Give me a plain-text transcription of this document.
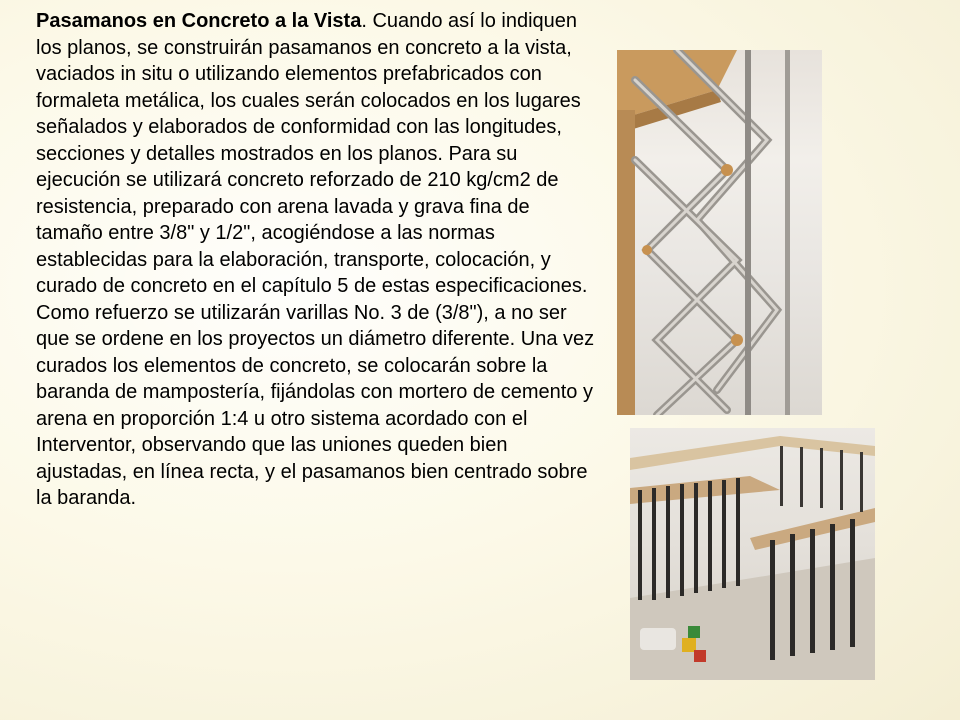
Pasamanos en Concreto a la Vista. Cuando así lo indiquen los planos, se construirán pasamanos en concreto a la vista, vaciados in situ o utilizando elementos prefabricados con formaleta metálica, los cuales serán colocados en los lugares señalados y elaborados de conformidad con las longitudes, secciones y detalles mostrados en los planos. Para su ejecución se utilizará concreto reforzado de 210 kg/cm2 de resistencia, preparado con arena lavada y grava fina de tamaño entre 3/8" y 1/2", acogiéndose a las normas establecidas para la elaboración, transporte, colocación, y curado de concreto en el capítulo 5 de estas especificaciones. Como refuerzo se utilizarán varillas No. 3 de (3/8"), a no ser que se ordene en los proyectos un diámetro diferente. Una vez curados los elementos de concreto, se colocarán sobre la baranda de mampostería, fijándolas con mortero de cemento y arena en proporción 1:4 u otro sistema acordado con el Interventor, observando que las uniones queden bien ajustadas, en línea recta, y el pasamanos bien centrado sobre la baranda.
